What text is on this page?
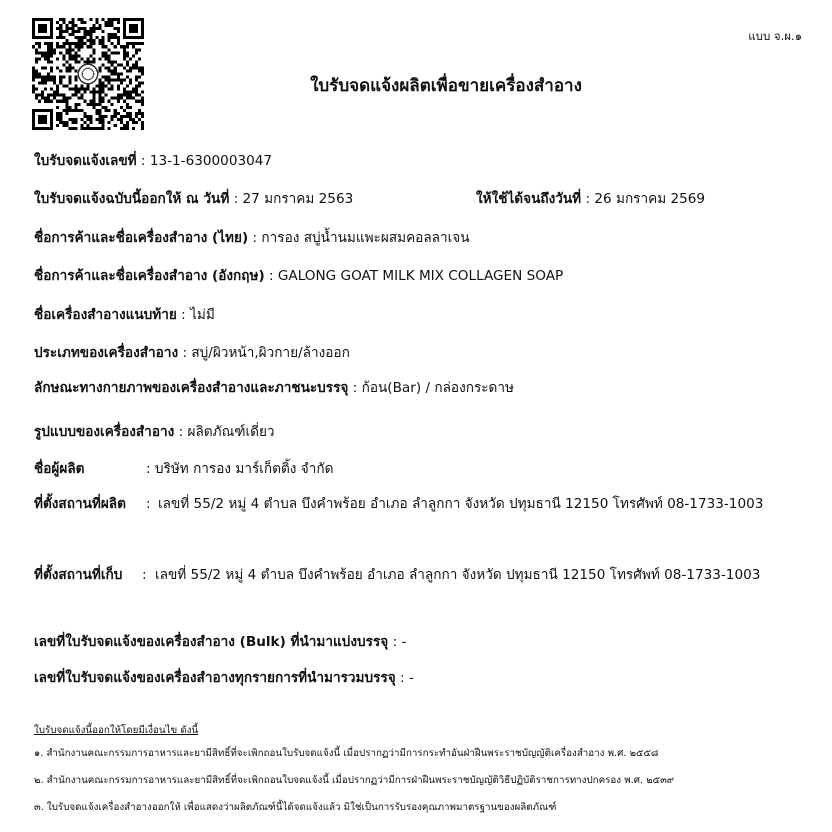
แบบ จ.ผ.๑
ใบรับจดแจ้งผลิตเพื่อขายเครื่องสำอาง
ใบรับจดแจ้งเลขที่ : 13-1-6300003047
ใบรับจดแจ้งฉบับนี้ออกให้ ณ วันที่ : 27 มกราคม 2563	ให้ใช้ได้จนถึงวันที่ : 26 มกราคม 2569
ชื่อการค้าและชื่อเครื่องสำอาง (ไทย) : การอง สบู่น้ำนมแพะผสมคอลลาเจน
ชื่อการค้าและชื่อเครื่องสำอาง (อังกฤษ) : GALONG GOAT MILK MIX COLLAGEN SOAP
ชื่อเครื่องสำอางแนบท้าย : ไม่มี
ประเภทของเครื่องสำอาง : สบู่/ผิวหน้า,ผิวกาย/ล้างออก
ลักษณะทางกายภาพของเครื่องสำอางและภาชนะบรรจุ : ก้อน(Bar) / กล่องกระดาษ
รูปแบบของเครื่องสำอาง : ผลิตภัณฑ์เดี่ยว
ชื่อผู้ผลิต	: บริษัท การอง มาร์เก็ตติ้ง จำกัด
ที่ตั้งสถานที่ผลิต : เลขที่ 55/2 หมู่ 4 ตำบล บึงคำพร้อย อำเภอ ลำลูกกา จังหวัด ปทุมธานี 12150 โทรศัพท์ 08-1733-1003
ที่ตั้งสถานที่เก็บ : เลขที่ 55/2 หมู่ 4 ตำบล บึงคำพร้อย อำเภอ ลำลูกกา จังหวัด ปทุมธานี 12150 โทรศัพท์ 08-1733-1003
เลขที่ใบรับจดแจ้งของเครื่องสำอาง (Bulk) ที่นำมาแบ่งบรรจุ : -
เลขที่ใบรับจดแจ้งของเครื่องสำอางทุกรายการที่นำมารวมบรรจุ : -
ใบรับจดแจ้งนี้ออกให้โดยมีเงื่อนไข ดังนี้
๑. สำนักงานคณะกรรมการอาหารและยามีสิทธิ์ที่จะเพิกถอนใบรับจดแจ้งนี้ เมื่อปรากฏว่ามีการกระทำอันฝ่าฝืนพระราชบัญญัติเครื่องสำอาง พ.ศ. ๒๕๕๘
๒. สำนักงานคณะกรรมการอาหารและยามีสิทธิ์ที่จะเพิกถอนใบจดแจ้งนี้ เมื่อปรากฏว่ามีการฝ่าฝืนพระราชบัญญัติวิธีปฏิบัติราชการทางปกครอง พ.ศ. ๒๕๓๙
๓. ใบรับจดแจ้งเครื่องสำอางออกให้ เพื่อแสดงว่าผลิตภัณฑ์นี้ได้จดแจ้งแล้ว มิใช่เป็นการรับรองคุณภาพมาตรฐานของผลิตภัณฑ์
